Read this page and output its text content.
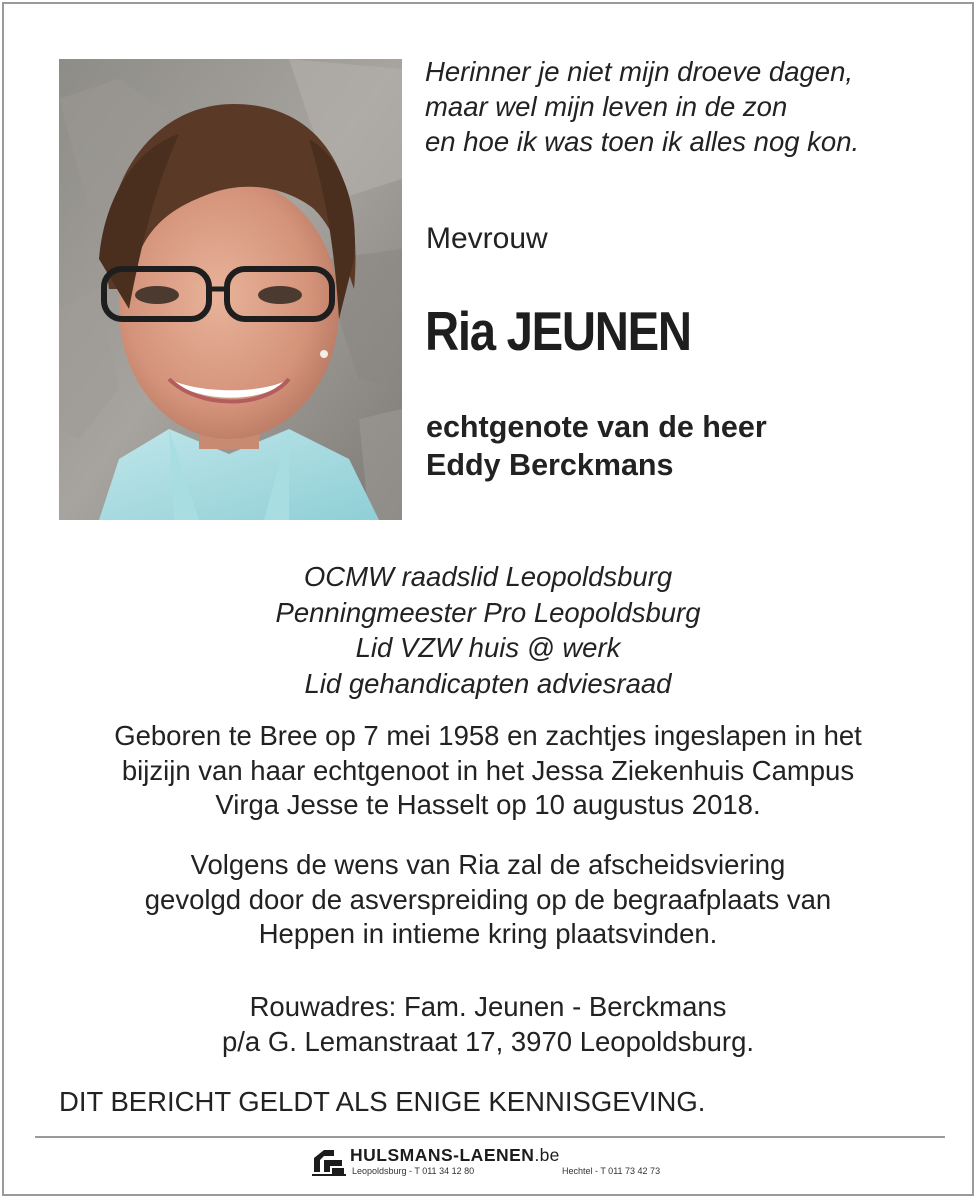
Herinner je niet mijn droeve dagen,
maar wel mijn leven in de zon
en hoe ik was toen ik alles nog kon.
Mevrouw
Ria JEUNEN
echtgenote van de heer
Eddy Berckmans
OCMW raadslid Leopoldsburg
Penningmeester Pro Leopoldsburg
Lid VZW huis @ werk
Lid gehandicapten adviesraad
Geboren te Bree op 7 mei 1958 en zachtjes ingeslapen in het
bijzijn van haar echtgenoot in het Jessa Ziekenhuis Campus
Virga Jesse te Hasselt op 10 augustus 2018.
Volgens de wens van Ria zal de afscheidsviering
gevolgd door de asverspreiding op de begraafplaats van
Heppen in intieme kring plaatsvinden.
Rouwadres: Fam. Jeunen - Berckmans
p/a G. Lemanstraat 17, 3970 Leopoldsburg.
DIT BERICHT GELDT ALS ENIGE KENNISGEVING.
HULSMANS-LAENEN.be
Leopoldsburg - T 011 34 12 80	Hechtel - T 011 73 42 73
